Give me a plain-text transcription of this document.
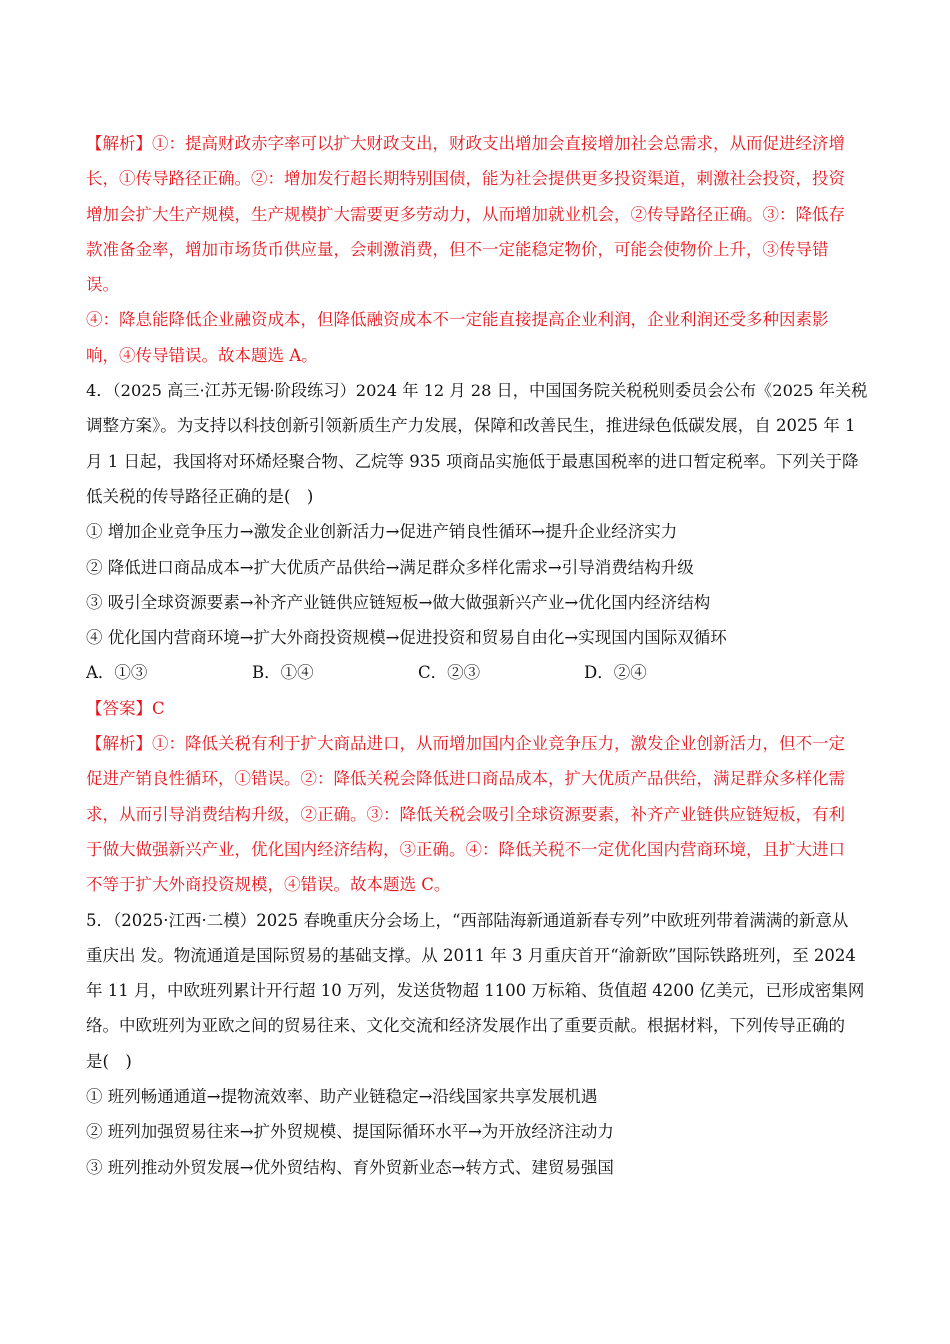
【解析】①：提高财政赤字率可以扩大财政支出，财政支出增加会直接增加社会总需求，从而促进经济增
长，①传导路径正确。②：增加发行超长期特别国债，能为社会提供更多投资渠道，刺激社会投资，投资
增加会扩大生产规模，生产规模扩大需要更多劳动力，从而增加就业机会，②传导路径正确。③：降低存
款准备金率，增加市场货币供应量，会刺激消费，但不一定能稳定物价，可能会使物价上升，③传导错
误。
④：降息能降低企业融资成本，但降低融资成本不一定能直接提高企业利润，企业利润还受多种因素影
响，④传导错误。故本题选 A。
4．（2025 高三·江苏无锡·阶段练习）2024 年 12 月 28 日，中国国务院关税税则委员会公布《2025 年关税
调整方案》。为支持以科技创新引领新质生产力发展，保障和改善民生，推进绿色低碳发展，自 2025 年 1
月 1 日起，我国将对环烯烃聚合物、乙烷等 935 项商品实施低于最惠国税率的进口暂定税率。下列关于降
低关税的传导路径正确的是(　)
① 增加企业竞争压力→激发企业创新活力→促进产销良性循环→提升企业经济实力
② 降低进口商品成本→扩大优质产品供给→满足群众多样化需求→引导消费结构升级
③ 吸引全球资源要素→补齐产业链供应链短板→做大做强新兴产业→优化国内经济结构
④ 优化国内营商环境→扩大外商投资规模→促进投资和贸易自由化→实现国内国际双循环
A．①③	B．①④	C．②③	D．②④
【答案】C
【解析】①：降低关税有利于扩大商品进口，从而增加国内企业竞争压力，激发企业创新活力，但不一定
促进产销良性循环，①错误。②：降低关税会降低进口商品成本，扩大优质产品供给，满足群众多样化需
求，从而引导消费结构升级，②正确。③：降低关税会吸引全球资源要素，补齐产业链供应链短板，有利
于做大做强新兴产业，优化国内经济结构，③正确。④：降低关税不一定优化国内营商环境，且扩大进口
不等于扩大外商投资规模，④错误。故本题选 C。
5．（2025·江西·二模）2025 春晚重庆分会场上，“西部陆海新通道新春专列”中欧班列带着满满的新意从
重庆出 发。物流通道是国际贸易的基础支撑。从 2011 年 3 月重庆首开“渝新欧”国际铁路班列，至 2024
年 11 月，中欧班列累计开行超 10 万列，发送货物超 1100 万标箱、货值超 4200 亿美元，已形成密集网
络。中欧班列为亚欧之间的贸易往来、文化交流和经济发展作出了重要贡献。根据材料，下列传导正确的
是(　)
① 班列畅通通道→提物流效率、助产业链稳定→沿线国家共享发展机遇
② 班列加强贸易往来→扩外贸规模、提国际循环水平→为开放经济注动力
③ 班列推动外贸发展→优外贸结构、育外贸新业态→转方式、建贸易强国
